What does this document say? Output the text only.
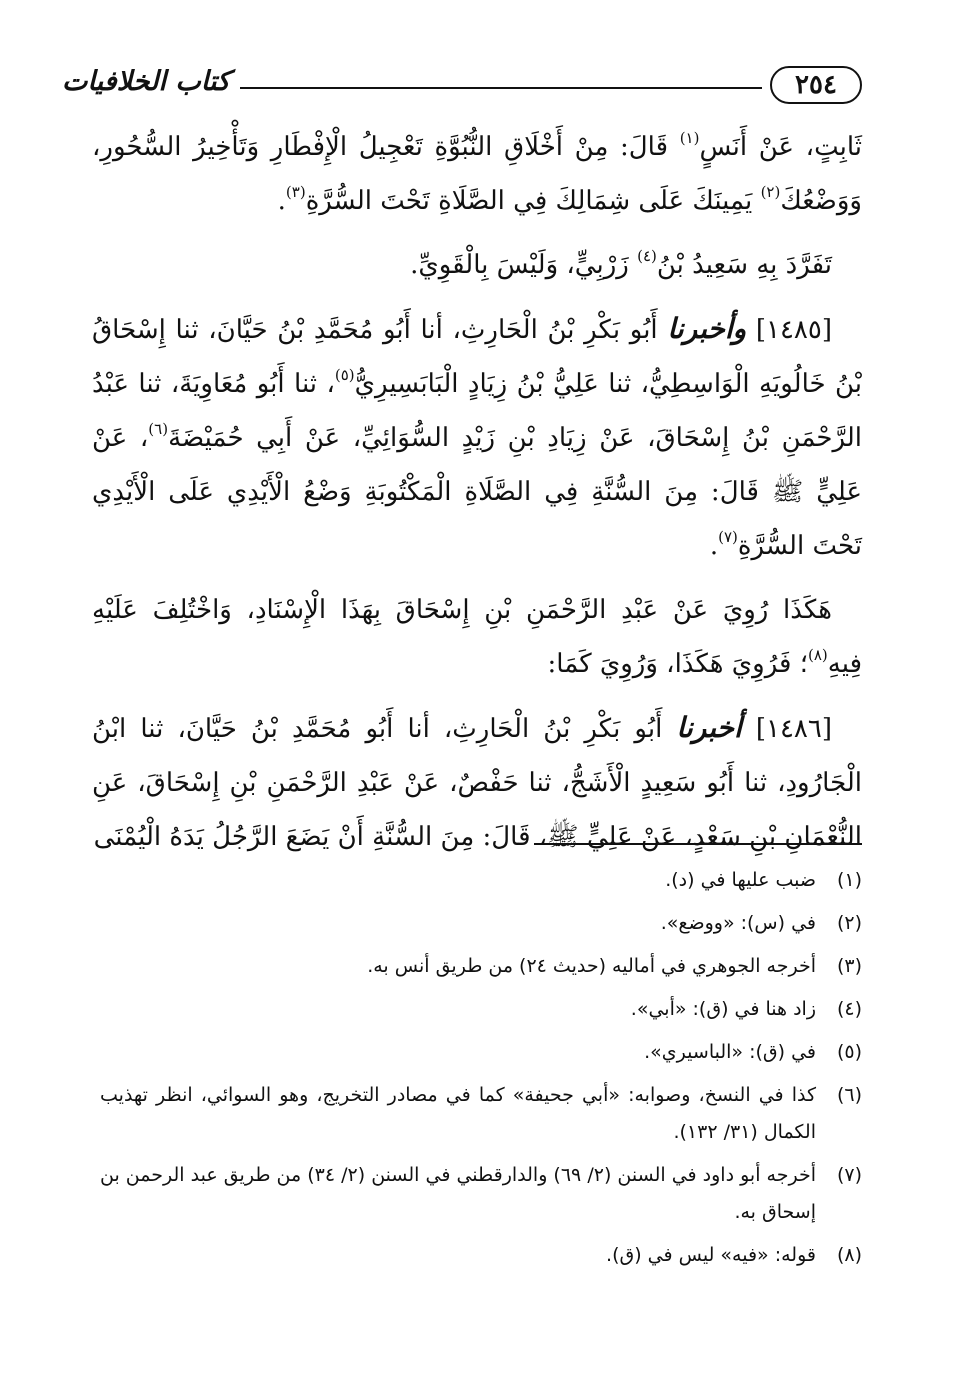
٢٥٤
كتاب الخلافيات

ثَابِتٍ، عَنْ أَنَسٍ$^{(١)}$ قَالَ: مِنْ أَخْلَاقِ النُّبُوَّةِ تَعْجِيلُ الْإِفْطَارِ وَتَأْخِيرُ السُّحُورِ، وَوَضْعُكَ$^{(٢)}$ يَمِينَكَ عَلَى شِمَالِكَ فِي الصَّلَاةِ تَحْتَ السُّرَّةِ$^{(٣)}$.

تَفَرَّدَ بِهِ سَعِيدُ بْنُ$^{(٤)}$ زَرْبِيٍّ، وَلَيْسَ بِالْقَوِيِّ.

[١٤٨٥] وأخبرنا أَبُو بَكْرِ بْنُ الْحَارِثِ، أنا أَبُو مُحَمَّدِ بْنُ حَيَّانَ، ثنا إِسْحَاقُ بْنُ خَالُويَهِ الْوَاسِطِيُّ، ثنا عَلِيُّ بْنُ زِيَادٍ الْبَابَسِيرِيُّ$^{(٥)}$، ثنا أَبُو مُعَاوِيَةَ، ثنا عَبْدُ الرَّحْمَنِ بْنُ إِسْحَاقَ، عَنْ زِيَادِ بْنِ زَيْدٍ السُّوَائِيِّ، عَنْ أَبِي حُمَيْضَةَ$^{(٦)}$، عَنْ عَلِيٍّ ﷺ قَالَ: مِنَ السُّنَّةِ فِي الصَّلَاةِ الْمَكْتُوبَةِ وَضْعُ الْأَيْدِي عَلَى الْأَيْدِي تَحْتَ السُّرَّةِ$^{(٧)}$.

هَكَذَا رُوِيَ عَنْ عَبْدِ الرَّحْمَنِ بْنِ إِسْحَاقَ بِهَذَا الْإِسْنَادِ، وَاخْتُلِفَ عَلَيْهِ فِيهِ$^{(٨)}$؛ فَرُوِيَ هَكَذَا، وَرُوِيَ كَمَا:

[١٤٨٦] أخبرنا أَبُو بَكْرِ بْنُ الْحَارِثِ، أنا أَبُو مُحَمَّدِ بْنُ حَيَّانَ، ثنا ابْنُ الْجَارُودِ، ثنا أَبُو سَعِيدٍ الْأَشَجُّ، ثنا حَفْصٌ، عَنْ عَبْدِ الرَّحْمَنِ بْنِ إِسْحَاقَ، عَنِ النُّعْمَانِ بْنِ سَعْدٍ، عَنْ عَلِيٍّ ﷺ، قَالَ: مِنَ السُّنَّةِ أَنْ يَضَعَ الرَّجُلُ يَدَهُ الْيُمْنَى

(١)
ضبب عليها في (د).
(٢)
في (س): «ووضع».
(٣)
أخرجه الجوهري في أماليه (حديث ٢٤) من طريق أنس به.
(٤)
زاد هنا في (ق): «أبي».
(٥)
في (ق): «الباسيري».
(٦)
كذا في النسخ، وصوابه: «أبي جحيفة» كما في مصادر التخريج، وهو السوائي، انظر تهذيب الكمال (٣١/ ١٣٢).
(٧)
أخرجه أبو داود في السنن (٢/ ٦٩) والدارقطني في السنن (٢/ ٣٤) من طريق عبد الرحمن بن إسحاق به.
(٨)
قوله: «فيه» ليس في (ق).
